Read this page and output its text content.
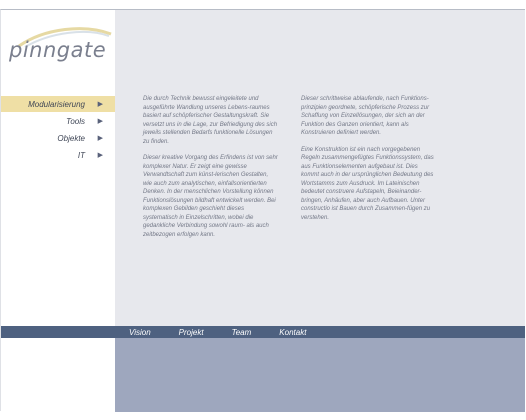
pinngate
Modularisierung ▶
Tools ▶
Objekte ▶
IT ▶

Die durch Technik bewusst eingeleitete und ausgeführte Wandlung unseres Lebens-raumes basiert auf schöpferischer Gestaltungskraft. Sie versetzt uns in die Lage, zur Befriedigung des sich jeweils stellenden Bedarfs funktionelle Lösungen zu finden.

Dieser kreative Vorgang des Erfindens ist von sehr komplexer Natur. Er zeigt eine gewisse Verwandtschaft zum künst-lerischen Gestalten, wie auch zum analytischen, einfallsorientierten Denken. In der menschlichen Vorstellung können Funktionslösungen bildhaft entwickelt werden. Bei komplexen Gebilden geschieht dieses systematisch in Einzelschritten, wobei die gedankliche Verbindung sowohl raum- als auch zeitbezogen erfolgen kann.

Dieser schrittweise ablaufende, nach Funktions-prinzipien geordnete, schöpferische Prozess zur Schaffung von Einzellösungen, der sich an der Funktion des Ganzen orientiert, kann als Konstruieren definiert werden.

Eine Konstruktion ist ein nach vorgegebenen Regeln zusammengefügtes Funktionssystem, das aus Funktionselementen aufgebaut ist. Dies kommt auch in der ursprünglichen Bedeutung des Wortstamms zum Ausdruck. Im Lateinischen bedeutet construere Aufstapeln, Beieinander-bringen, Anhäufen, aber auch Aufbauen. Unter constructio ist Bauen durch Zusammen-fügen zu verstehen.

Vision	Projekt	Team	Kontakt
